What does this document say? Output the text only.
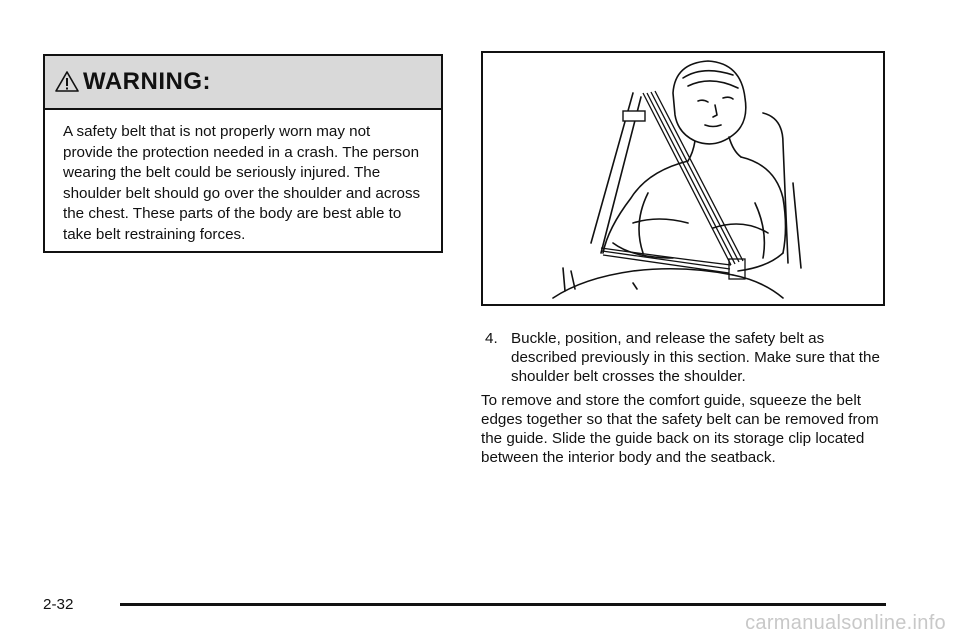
WARNING:
A safety belt that is not properly worn may not provide the protection needed in a crash. The person wearing the belt could be seriously injured. The shoulder belt should go over the shoulder and across the chest. These parts of the body are best able to take belt restraining forces.
4. Buckle, position, and release the safety belt as described previously in this section. Make sure that the shoulder belt crosses the shoulder.
To remove and store the comfort guide, squeeze the belt edges together so that the safety belt can be removed from the guide. Slide the guide back on its storage clip located between the interior body and the seatback.
2-32
carmanualsonline.info
